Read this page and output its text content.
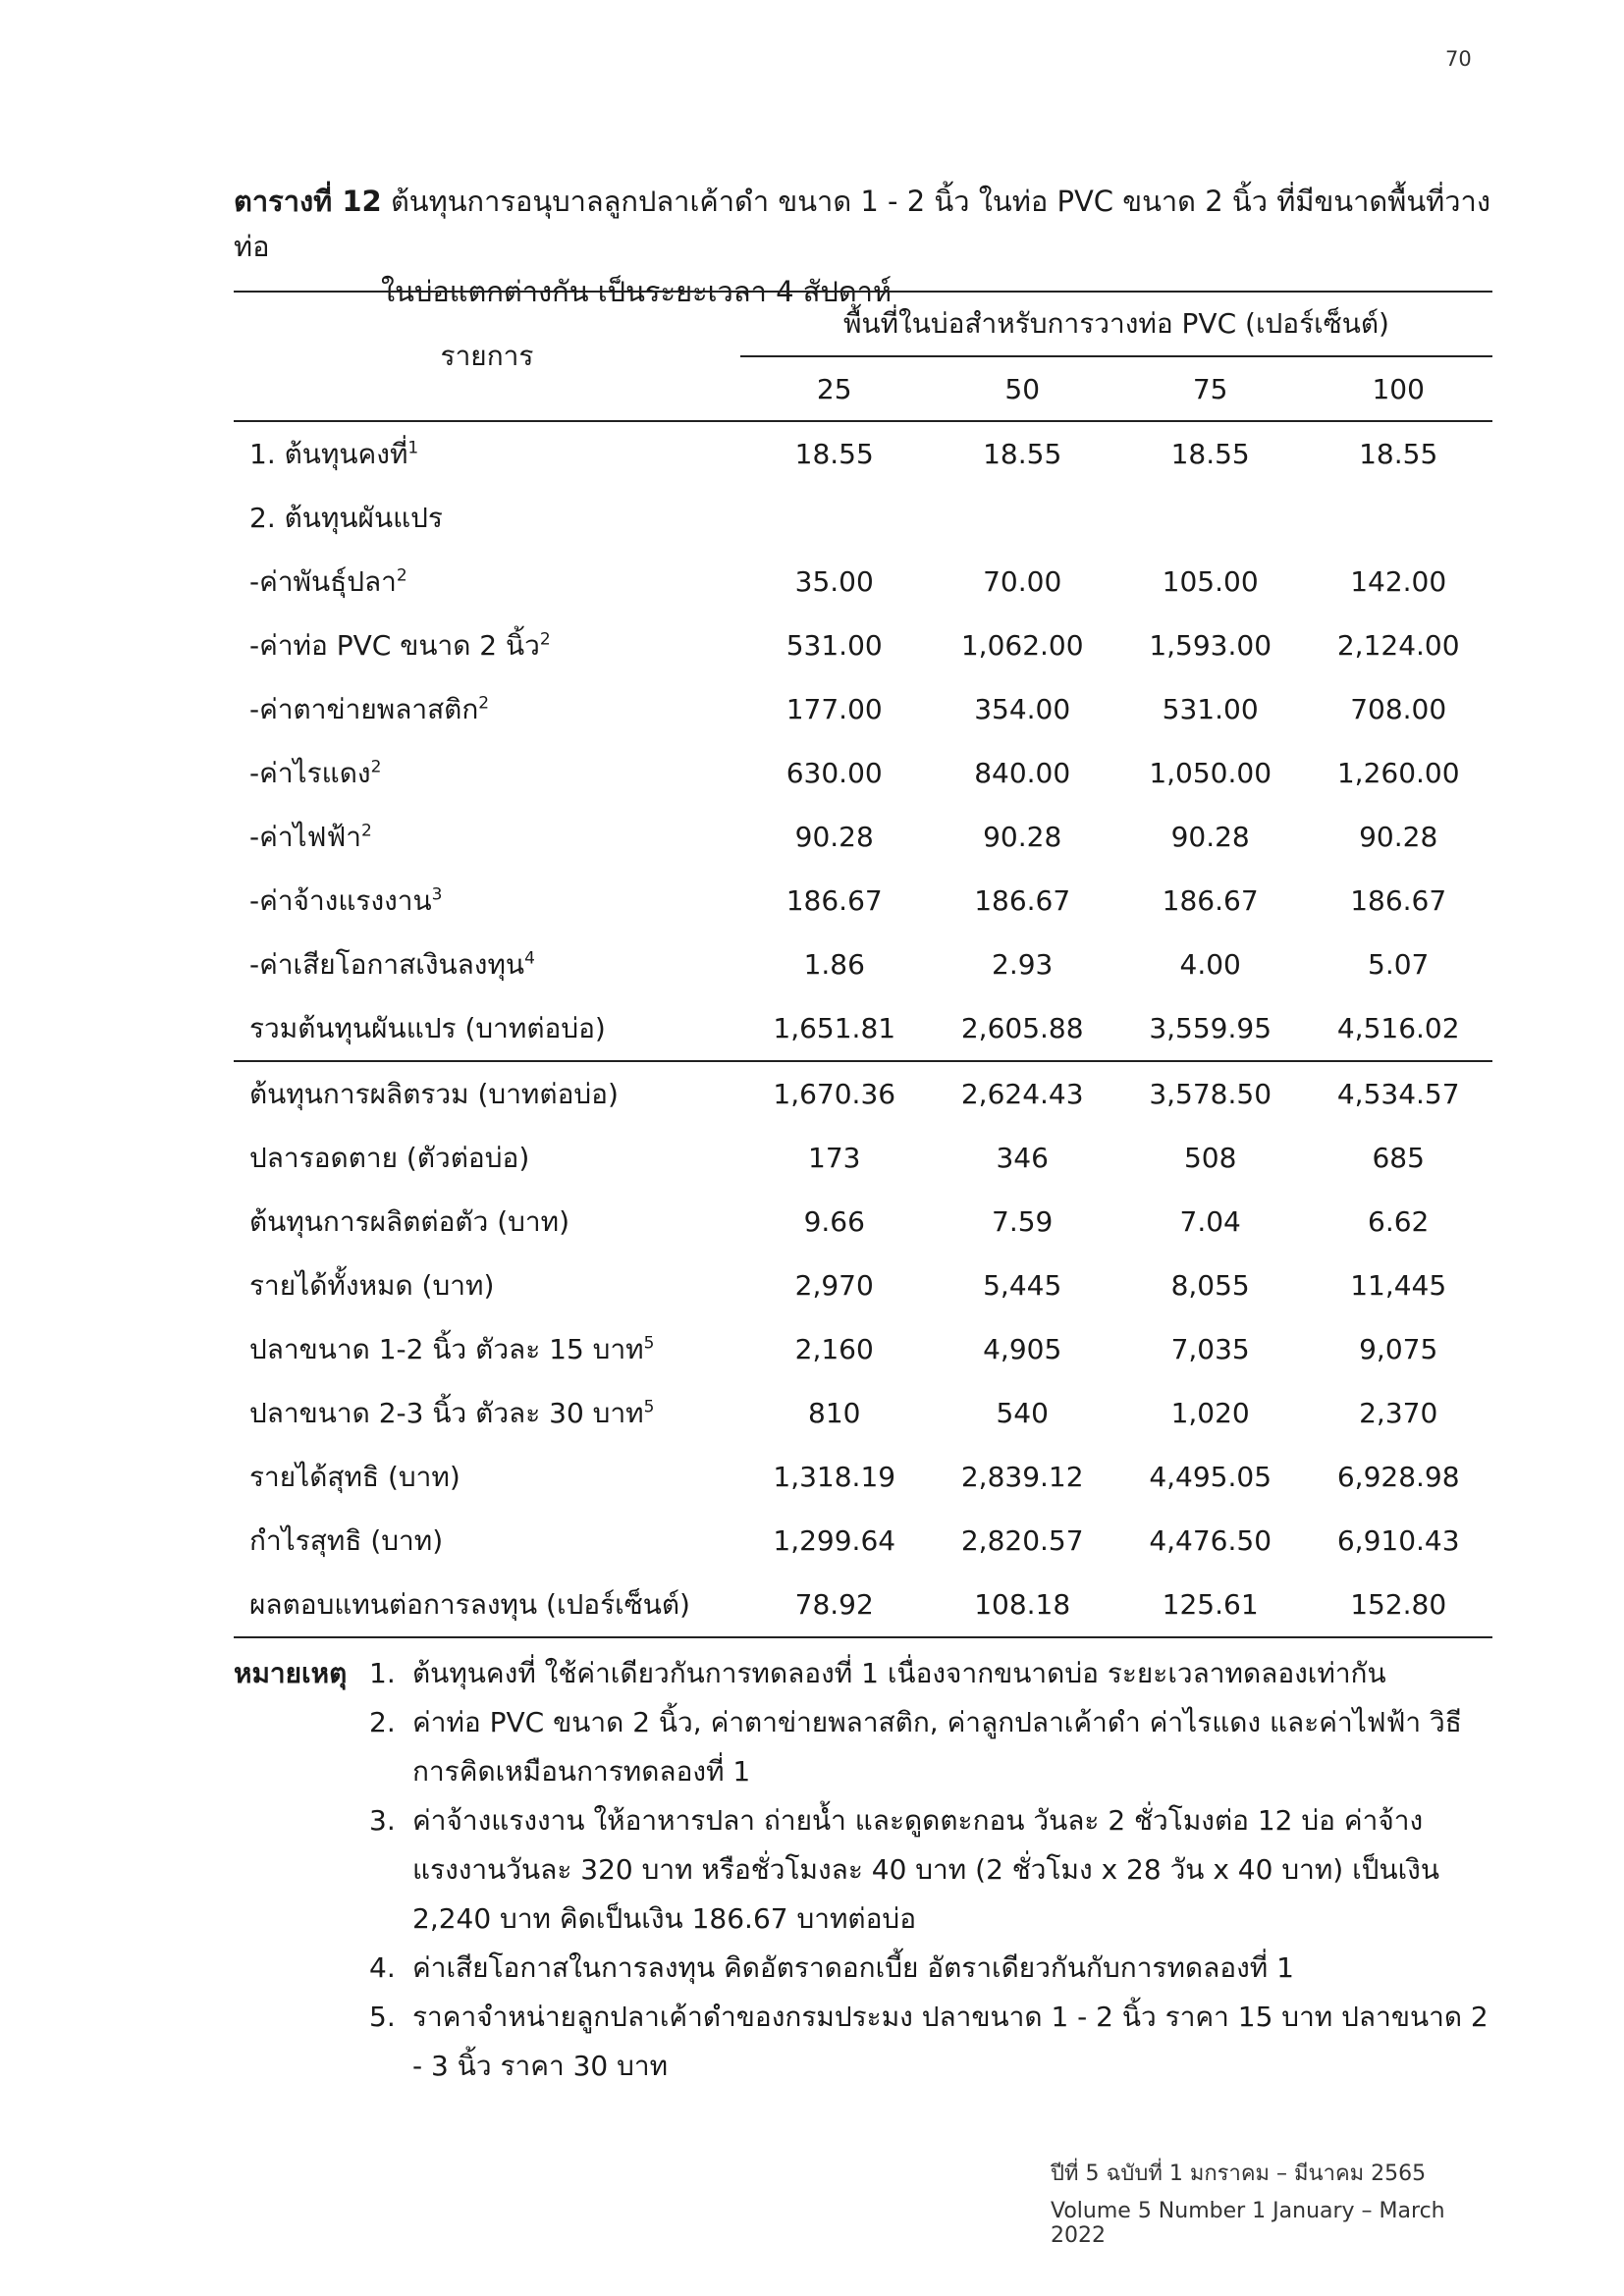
70
ตารางที่ 12 ต้นทุนการอนุบาลลูกปลาเค้าดำ ขนาด 1 - 2 นิ้ว ในท่อ PVC ขนาด 2 นิ้ว ที่มีขนาดพื้นที่วางท่อ
ในบ่อแตกต่างกัน เป็นระยะเวลา 4 สัปดาห์
รายการ	พื้นที่ในบ่อสำหรับการวางท่อ PVC (เปอร์เซ็นต์)			
	25	50	75	100
1. ต้นทุนคงที่$^1$	18.55	18.55	18.55	18.55
2. ต้นทุนผันแปร				
-ค่าพันธุ์ปลา$^2$	35.00	70.00	105.00	142.00
-ค่าท่อ PVC ขนาด 2 นิ้ว$^2$	531.00	1,062.00	1,593.00	2,124.00
-ค่าตาข่ายพลาสติก$^2$	177.00	354.00	531.00	708.00
-ค่าไรแดง$^2$	630.00	840.00	1,050.00	1,260.00
-ค่าไฟฟ้า$^2$	90.28	90.28	90.28	90.28
-ค่าจ้างแรงงาน$^3$	186.67	186.67	186.67	186.67
-ค่าเสียโอกาสเงินลงทุน$^4$	1.86	2.93	4.00	5.07
รวมต้นทุนผันแปร (บาทต่อบ่อ)	1,651.81	2,605.88	3,559.95	4,516.02
ต้นทุนการผลิตรวม (บาทต่อบ่อ)	1,670.36	2,624.43	3,578.50	4,534.57
ปลารอดตาย (ตัวต่อบ่อ)	173	346	508	685
ต้นทุนการผลิตต่อตัว (บาท)	9.66	7.59	7.04	6.62
รายได้ทั้งหมด (บาท)	2,970	5,445	8,055	11,445
ปลาขนาด 1-2 นิ้ว ตัวละ 15 บาท$^5$	2,160	4,905	7,035	9,075
ปลาขนาด 2-3 นิ้ว ตัวละ 30 บาท$^5$	810	540	1,020	2,370
รายได้สุทธิ (บาท)	1,318.19	2,839.12	4,495.05	6,928.98
กำไรสุทธิ (บาท)	1,299.64	2,820.57	4,476.50	6,910.43
ผลตอบแทนต่อการลงทุน (เปอร์เซ็นต์)	78.92	108.18	125.61	152.80
หมายเหตุ 1. ต้นทุนคงที่ ใช้ค่าเดียวกันการทดลองที่ 1 เนื่องจากขนาดบ่อ ระยะเวลาทดลองเท่ากัน
2. ค่าท่อ PVC ขนาด 2 นิ้ว, ค่าตาข่ายพลาสติก, ค่าลูกปลาเค้าดำ ค่าไรแดง และค่าไฟฟ้า วิธีการคิดเหมือนการทดลองที่ 1
3. ค่าจ้างแรงงาน ให้อาหารปลา ถ่ายน้ำ และดูดตะกอน วันละ 2 ชั่วโมงต่อ 12 บ่อ ค่าจ้างแรงงานวันละ 320 บาท หรือชั่วโมงละ 40 บาท (2 ชั่วโมง x 28 วัน x 40 บาท) เป็นเงิน 2,240 บาท คิดเป็นเงิน 186.67 บาทต่อบ่อ
4. ค่าเสียโอกาสในการลงทุน คิดอัตราดอกเบี้ย อัตราเดียวกันกับการทดลองที่ 1
5. ราคาจำหน่ายลูกปลาเค้าดำของกรมประมง ปลาขนาด 1 - 2 นิ้ว ราคา 15 บาท ปลาขนาด 2 - 3 นิ้ว ราคา 30 บาท
ปีที่ 5 ฉบับที่ 1 มกราคม – มีนาคม 2565
Volume 5 Number 1 January – March 2022
